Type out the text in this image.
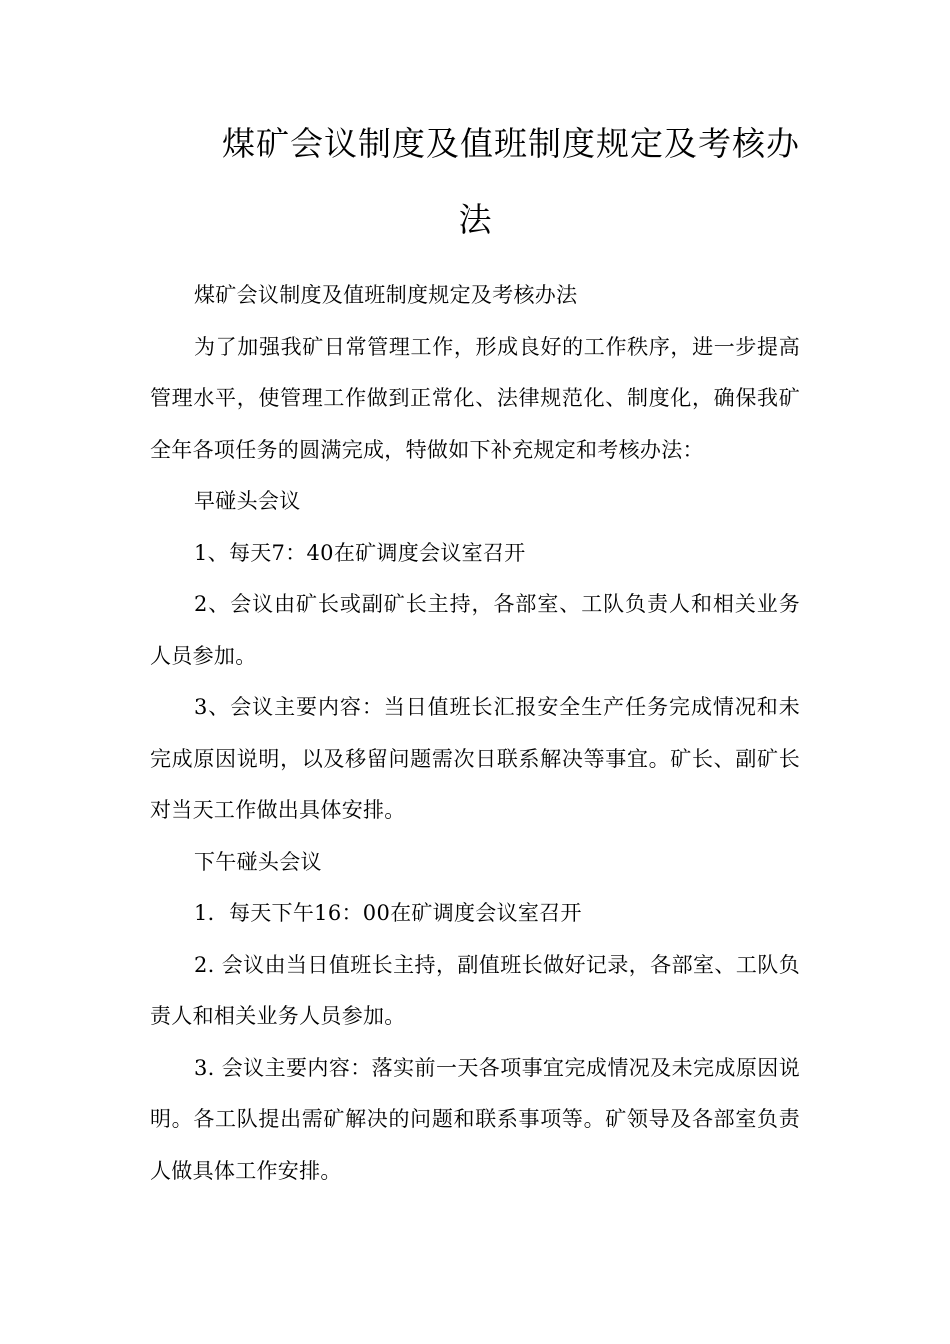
煤矿会议制度及值班制度规定及考核办
法

煤矿会议制度及值班制度规定及考核办法

为了加强我矿日常管理工作，形成良好的工作秩序，进一步提高管理水平，使管理工作做到正常化、法律规范化、制度化，确保我矿全年各项任务的圆满完成，特做如下补充规定和考核办法：

早碰头会议

1、每天7：40在矿调度会议室召开

2、会议由矿长或副矿长主持，各部室、工队负责人和相关业务人员参加。

3、会议主要内容：当日值班长汇报安全生产任务完成情况和未完成原因说明，以及移留问题需次日联系解决等事宜。矿长、副矿长对当天工作做出具体安排。

下午碰头会议

1．每天下午16：00在矿调度会议室召开

2. 会议由当日值班长主持，副值班长做好记录，各部室、工队负责人和相关业务人员参加。

3. 会议主要内容：落实前一天各项事宜完成情况及未完成原因说明。各工队提出需矿解决的问题和联系事项等。矿领导及各部室负责人做具体工作安排。
